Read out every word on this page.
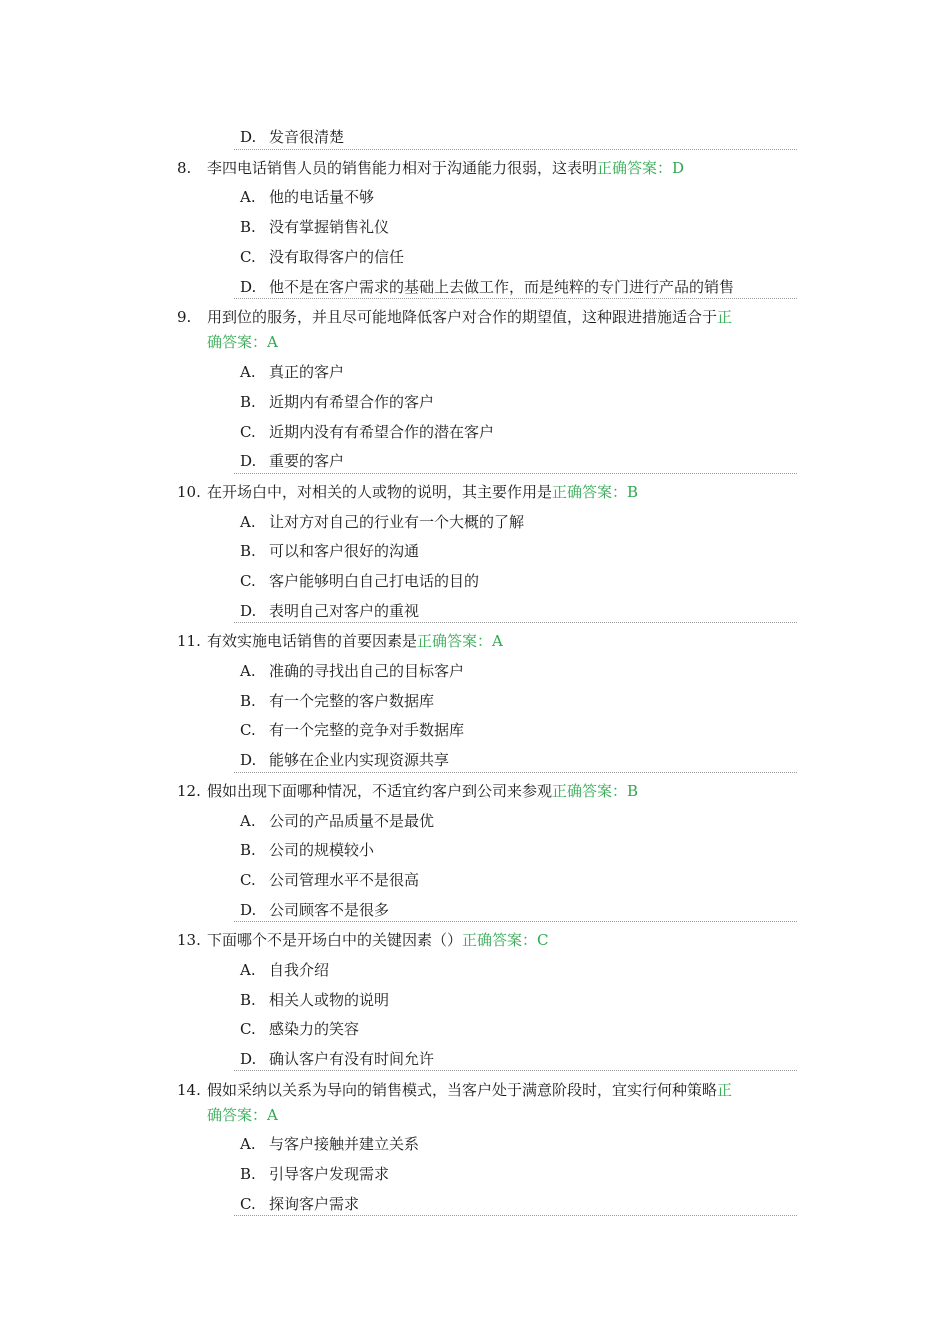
D. 发音很清楚
8.	李四电话销售人员的销售能力相对于沟通能力很弱，这表明正确答案：D
A. 他的电话量不够
B. 没有掌握销售礼仪
C. 没有取得客户的信任
D. 他不是在客户需求的基础上去做工作，而是纯粹的专门进行产品的销售
9.	用到位的服务，并且尽可能地降低客户对合作的期望值，这种跟进措施适合于正
确答案：A
A. 真正的客户
B. 近期内有希望合作的客户
C. 近期内没有有希望合作的潜在客户
D. 重要的客户
10. 在开场白中，对相关的人或物的说明，其主要作用是正确答案：B
A. 让对方对自己的行业有一个大概的了解
B. 可以和客户很好的沟通
C. 客户能够明白自己打电话的目的
D. 表明自己对客户的重视
11. 有效实施电话销售的首要因素是正确答案：A
A. 准确的寻找出自己的目标客户
B. 有一个完整的客户数据库
C. 有一个完整的竞争对手数据库
D. 能够在企业内实现资源共享
12. 假如出现下面哪种情况，不适宜约客户到公司来参观正确答案：B
A. 公司的产品质量不是最优
B. 公司的规模较小
C. 公司管理水平不是很高
D. 公司顾客不是很多
13. 下面哪个不是开场白中的关键因素（）正确答案：C
A. 自我介绍
B. 相关人或物的说明
C. 感染力的笑容
D. 确认客户有没有时间允许
14. 假如采纳以关系为导向的销售模式，当客户处于满意阶段时，宜实行何种策略正
确答案：A
A. 与客户接触并建立关系
B. 引导客户发现需求
C. 探询客户需求
